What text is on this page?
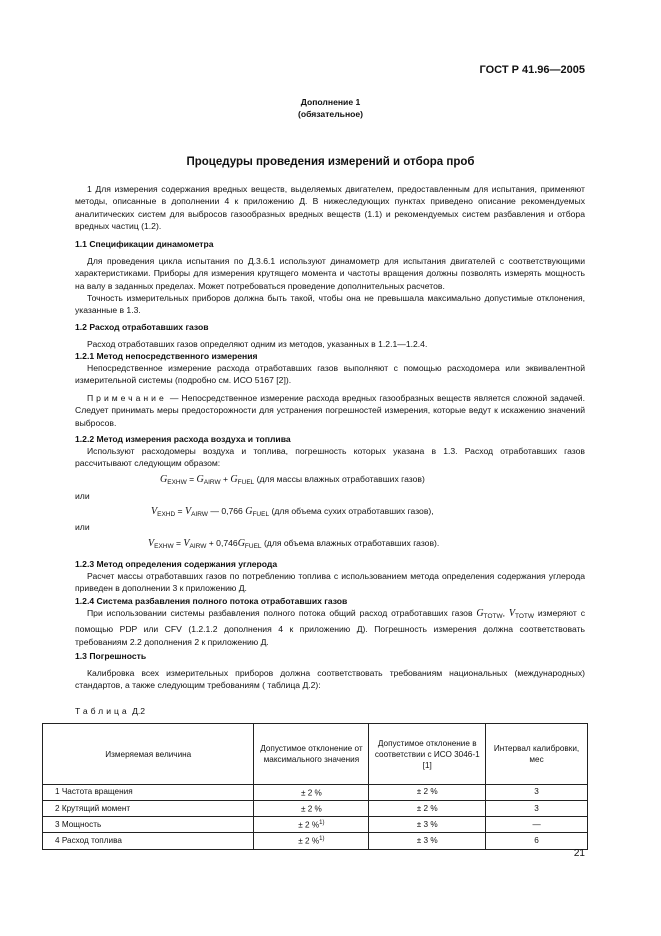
ГОСТ Р 41.96—2005
Дополнение 1
(обязательное)
Процедуры проведения измерений и отбора проб
1 Для измерения содержания вредных веществ, выделяемых двигателем, предоставленным для испытания, применяют методы, описанные в дополнении 4 к приложению Д. В нижеследующих пунктах приведено описание рекомендуемых аналитических систем для выбросов газообразных вредных веществ (1.1) и рекомендуемых систем разбавления и отбора вредных частиц (1.2).
1.1 Спецификации динамометра
Для проведения цикла испытания по Д.3.6.1 используют динамометр для испытания двигателей с соответствующими характеристиками. Приборы для измерения крутящего момента и частоты вращения должны позволять измерять мощность на валу в заданных пределах. Может потребоваться проведение дополнительных расчетов.
Точность измерительных приборов должна быть такой, чтобы она не превышала максимально допустимые отклонения, указанные в 1.3.
1.2 Расход отработавших газов
Расход отработавших газов определяют одним из методов, указанных в 1.2.1—1.2.4.
1.2.1 Метод непосредственного измерения
Непосредственное измерение расхода отработавших газов выполняют с помощью расходомера или эквивалентной измерительной системы (подробно см. ИСО 5167 [2]).
Примечание — Непосредственное измерение расхода вредных газообразных веществ является сложной задачей. Следует принимать меры предосторожности для устранения погрешностей измерения, которые ведут к искажению значений выбросов.
1.2.2 Метод измерения расхода воздуха и топлива
Используют расходомеры воздуха и топлива, погрешность которых указана в 1.3. Расход отработавших газов рассчитывают следующим образом:
$G_{EXHW} = G_{AIRW} + G_{FUEL}$ (для массы влажных отработавших газов)
или
$V_{EXHD} = V_{AIRW}$ — 0,766 $G_{FUEL}$ (для объема сухих отработавших газов),
или
$V_{EXHW} = V_{AIRW} + 0,746G_{FUEL}$ (для объема влажных отработавших газов).
1.2.3 Метод определения содержания углерода
Расчет массы отработавших газов по потреблению топлива с использованием метода определения содержания углерода приведен в дополнении 3 к приложению Д.
1.2.4 Система разбавления полного потока отработавших газов
При использовании системы разбавления полного потока общий расход отработавших газов $G_{TOTW}$, $V_{TOTW}$ измеряют с помощью PDP или CFV (1.2.1.2 дополнения 4 к приложению Д). Погрешность измерения должна соответствовать требованиям 2.2 дополнения 2 к приложению Д.
1.3 Погрешность
Калибровка всех измерительных приборов должна соответствовать требованиям национальных (международных) стандартов, а также следующим требованиям ( таблица Д.2):
Таблица Д.2
Измеряемая величина	Допустимое отклонение от максимального значения	Допустимое отклонение в соответствии с ИСО 3046-1 [1]	Интервал калибровки, мес
1 Частота вращения	± 2 %	± 2 %	3
2 Крутящий момент	± 2 %	± 2 %	3
3 Мощность	± 2 %$^{1)}$	± 3 %	—
4 Расход топлива	± 2 %$^{1)}$	± 3 %	6
21
